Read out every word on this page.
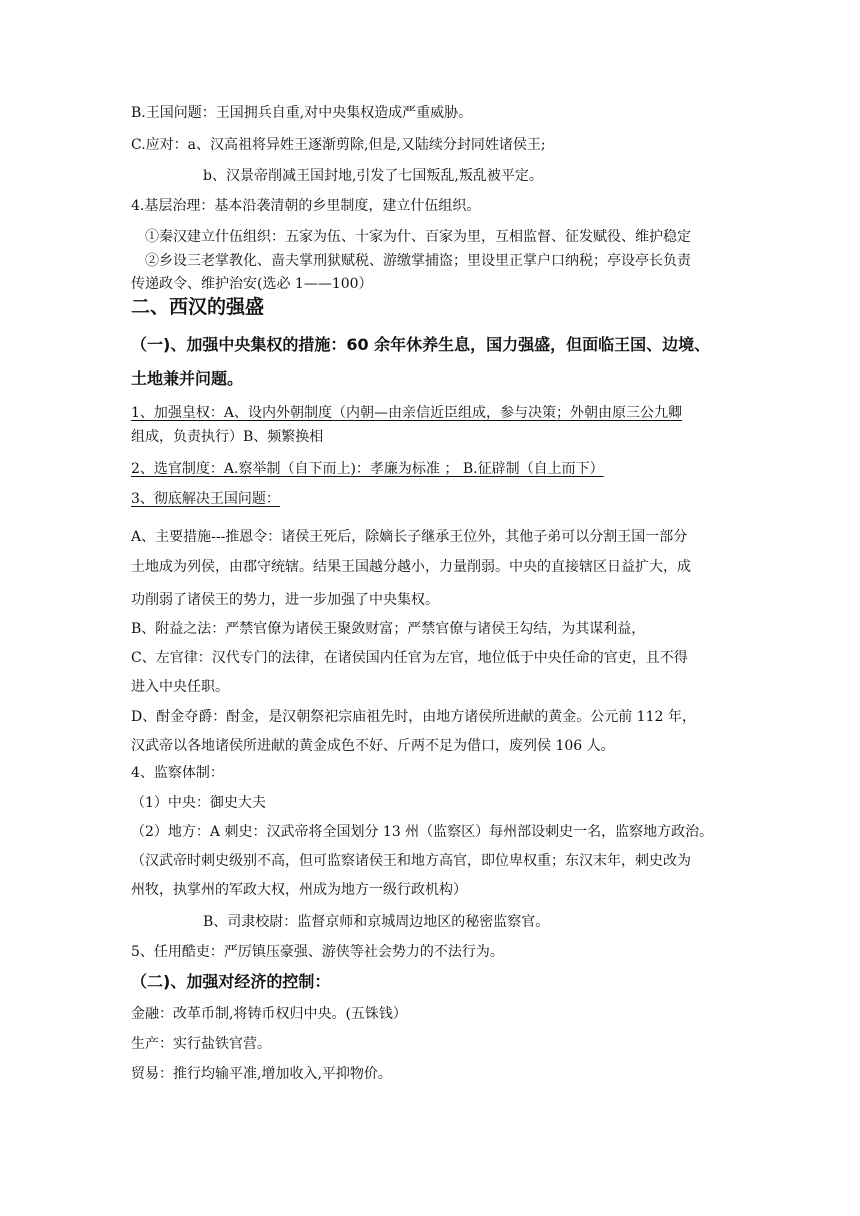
B.王国问题：王国拥兵自重,对中央集权造成严重威胁。
C.应对：a、汉高祖将异姓王逐渐剪除,但是,又陆续分封同姓诸侯王;
b、汉景帝削减王国封地,引发了七国叛乱,叛乱被平定。
4.基层治理：基本沿袭清朝的乡里制度，建立什伍组织。
①秦汉建立什伍组织：五家为伍、十家为什、百家为里，互相监督、征发赋役、维护稳定
②乡设三老掌教化、啬夫掌刑狱赋税、游缴掌捕盗；里设里正掌户口纳税；亭设亭长负责
传递政令、维护治安(选必 1——100）
二、西汉的强盛
（一)、加强中央集权的措施：60 余年休养生息，国力强盛，但面临王国、边境、
土地兼并问题。
1、加强皇权：A、设内外朝制度（内朝—由亲信近臣组成，参与决策；外朝由原三公九卿
组成，负责执行）B、频繁换相
2、选官制度：A.察举制（自下而上)：孝廉为标准 ； B.征辟制（自上而下）
3、彻底解决王国问题：
A、主要措施---推恩令：诸侯王死后，除嫡长子继承王位外，其他子弟可以分割王国一部分
土地成为列侯，由郡守统辖。结果王国越分越小，力量削弱。中央的直接辖区日益扩大，成
功削弱了诸侯王的势力，进一步加强了中央集权。
B、附益之法：严禁官僚为诸侯王聚敛财富；严禁官僚与诸侯王勾结，为其谋利益，
C、左官律：汉代专门的法律，在诸侯国内任官为左官，地位低于中央任命的官吏，且不得
进入中央任职。
D、酎金夺爵：酎金，是汉朝祭祀宗庙祖先时，由地方诸侯所进献的黄金。公元前 112 年，
汉武帝以各地诸侯所进献的黄金成色不好、斤两不足为借口，废列侯 106 人。
4、监察体制：
（1）中央：御史大夫
（2）地方：A 刺史：汉武帝将全国划分 13 州（监察区）每州部设刺史一名，监察地方政治。
（汉武帝时刺史级别不高，但可监察诸侯王和地方高官，即位卑权重；东汉末年，刺史改为
州牧，执掌州的军政大权，州成为地方一级行政机构）
B、司隶校尉：监督京师和京城周边地区的秘密监察官。
5、任用酷吏：严厉镇压豪强、游侠等社会势力的不法行为。
（二)、加强对经济的控制：
金融：改革币制,将铸币权归中央。(五铢钱）
生产：实行盐铁官营。
贸易：推行均输平准,增加收入,平抑物价。
